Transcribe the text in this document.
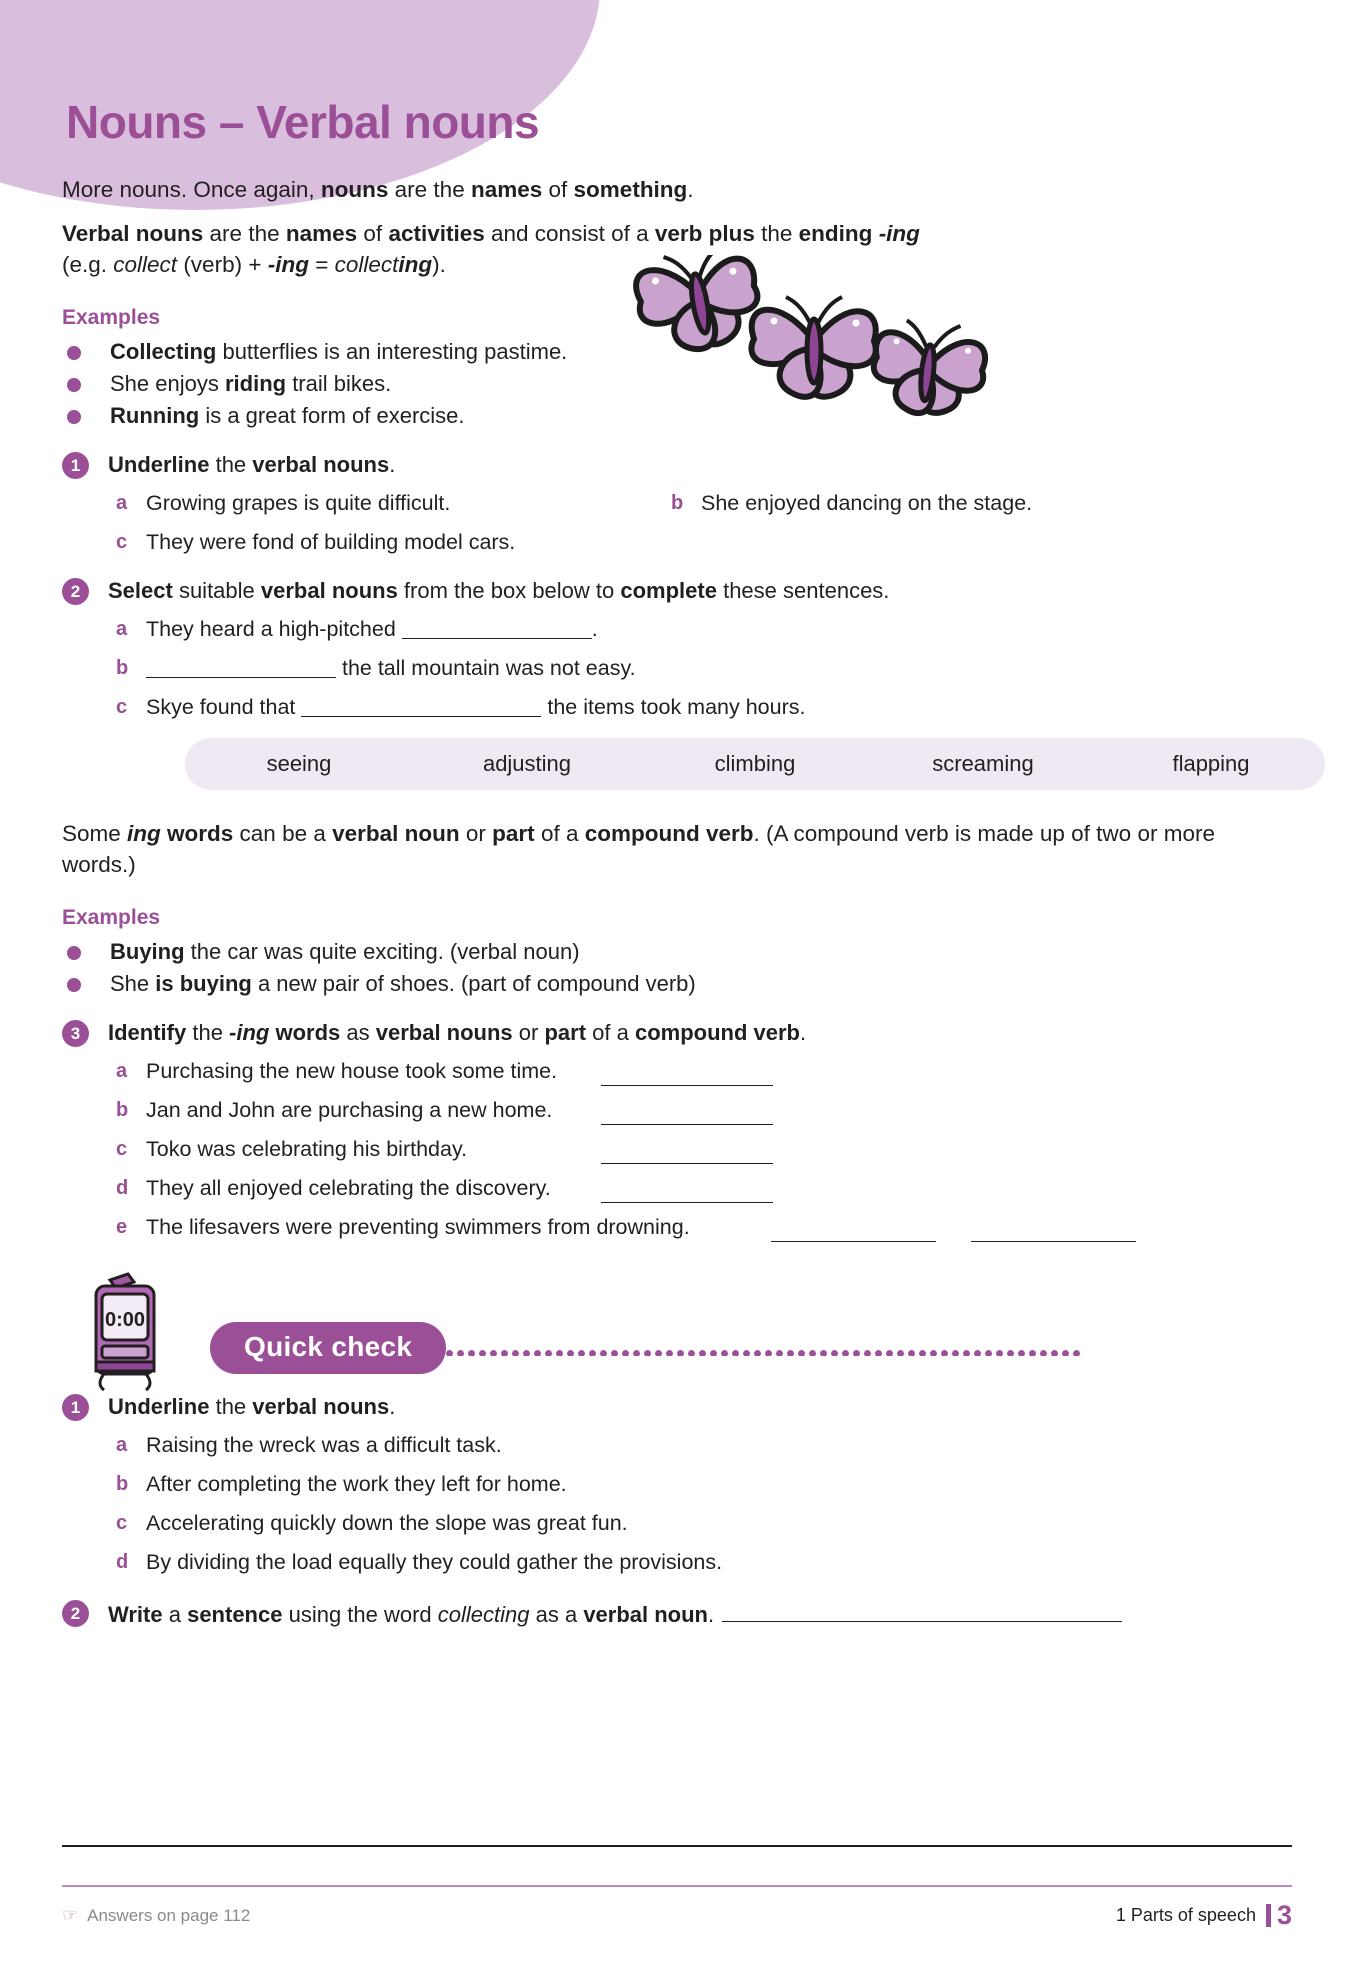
Nouns – Verbal nouns

More nouns. Once again, nouns are the names of something.

Verbal nouns are the names of activities and consist of a verb plus the ending -ing
(e.g. collect (verb) + -ing = collecting).

Examples
Collecting butterflies is an interesting pastime.
She enjoys riding trail bikes.
Running is a great form of exercise.
1	Underline the verbal nouns.
a Growing grapes is quite difficult.	b She enjoyed dancing on the stage.
c They were fond of building model cars.
2	Select suitable verbal nouns from the box below to complete these sentences.
a They heard a high-pitched	.
b	the tall mountain was not easy.
c Skye found that	the items took many hours.
seeing	adjusting	climbing	screaming	flapping

Some ing words can be a verbal noun or part of a compound verb. (A compound verb is made up of two or more words.)

Examples
Buying the car was quite exciting. (verbal noun)
She is buying a new pair of shoes. (part of compound verb)
3	Identify the -ing words as verbal nouns or part of a compound verb.
a Purchasing the new house took some time.
b Jan and John are purchasing a new home.
c Toko was celebrating his birthday.
d They all enjoyed celebrating the discovery.
e The lifesavers were preventing swimmers from drowning.
0:00
Quick check
1	Underline the verbal nouns.
a Raising the wreck was a difficult task.
b After completing the work they left for home.
c Accelerating quickly down the slope was great fun.
d By dividing the load equally they could gather the provisions.
2	Write a sentence using the word collecting as a verbal noun.
☞ Answers on page 112	1 Parts of speech 3
